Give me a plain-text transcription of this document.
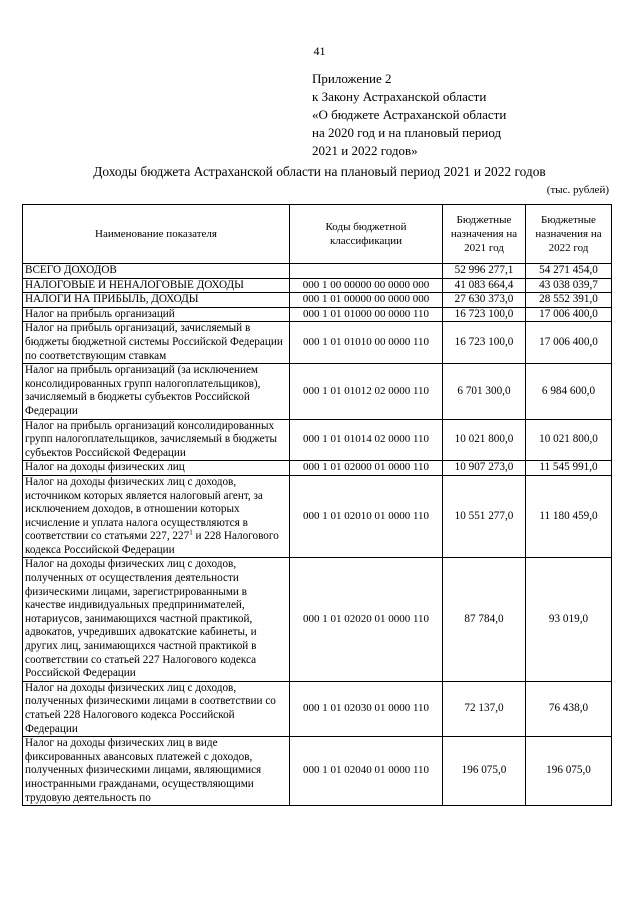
41
Приложение 2
к Закону Астраханской области
«О бюджете Астраханской области
на 2020 год и на плановый период
2021 и 2022 годов»
Доходы бюджета Астраханской области на плановый период 2021 и 2022 годов
(тыс. рублей)
Наименование показателя	Коды бюджетной классификации	Бюджетные назначения на 2021 год	Бюджетные назначения на 2022 год
ВСЕГО ДОХОДОВ		52 996 277,1	54 271 454,0
НАЛОГОВЫЕ И НЕНАЛОГОВЫЕ ДОХОДЫ	000 1 00 00000 00 0000 000	41 083 664,4	43 038 039,7
НАЛОГИ НА ПРИБЫЛЬ, ДОХОДЫ	000 1 01 00000 00 0000 000	27 630 373,0	28 552 391,0
Налог на прибыль организаций	000 1 01 01000 00 0000 110	16 723 100,0	17 006 400,0
Налог на прибыль организаций, зачисляемый в бюджеты бюджетной системы Российской Федерации по соответствующим ставкам	000 1 01 01010 00 0000 110	16 723 100,0	17 006 400,0
Налог на прибыль организаций (за исключением консолидированных групп налогоплательщиков), зачисляемый в бюджеты субъектов Российской Федерации	000 1 01 01012 02 0000 110	6 701 300,0	6 984 600,0
Налог на прибыль организаций консолидированных групп налогоплательщиков, зачисляемый в бюджеты субъектов Российской Федерации	000 1 01 01014 02 0000 110	10 021 800,0	10 021 800,0
Налог на доходы физических лиц	000 1 01 02000 01 0000 110	10 907 273,0	11 545 991,0
Налог на доходы физических лиц с доходов, источником которых является налоговый агент, за исключением доходов, в отношении которых исчисление и уплата налога осуществляются в соответствии со статьями 227, $227^1$ и 228 Налогового кодекса Российской Федерации	000 1 01 02010 01 0000 110	10 551 277,0	11 180 459,0
Налог на доходы физических лиц с доходов, полученных от осуществления деятельности физическими лицами, зарегистрированными в качестве индивидуальных предпринимателей, нотариусов, занимающихся частной практикой, адвокатов, учредивших адвокатские кабинеты, и других лиц, занимающихся частной практикой в соответствии со статьей 227 Налогового кодекса Российской Федерации	000 1 01 02020 01 0000 110	87 784,0	93 019,0
Налог на доходы физических лиц с доходов, полученных физическими лицами в соответствии со статьей 228 Налогового кодекса Российской Федерации	000 1 01 02030 01 0000 110	72 137,0	76 438,0
Налог на доходы физических лиц в виде фиксированных авансовых платежей с доходов, полученных физическими лицами, являющимися иностранными гражданами, осуществляющими трудовую деятельность по	000 1 01 02040 01 0000 110	196 075,0	196 075,0
